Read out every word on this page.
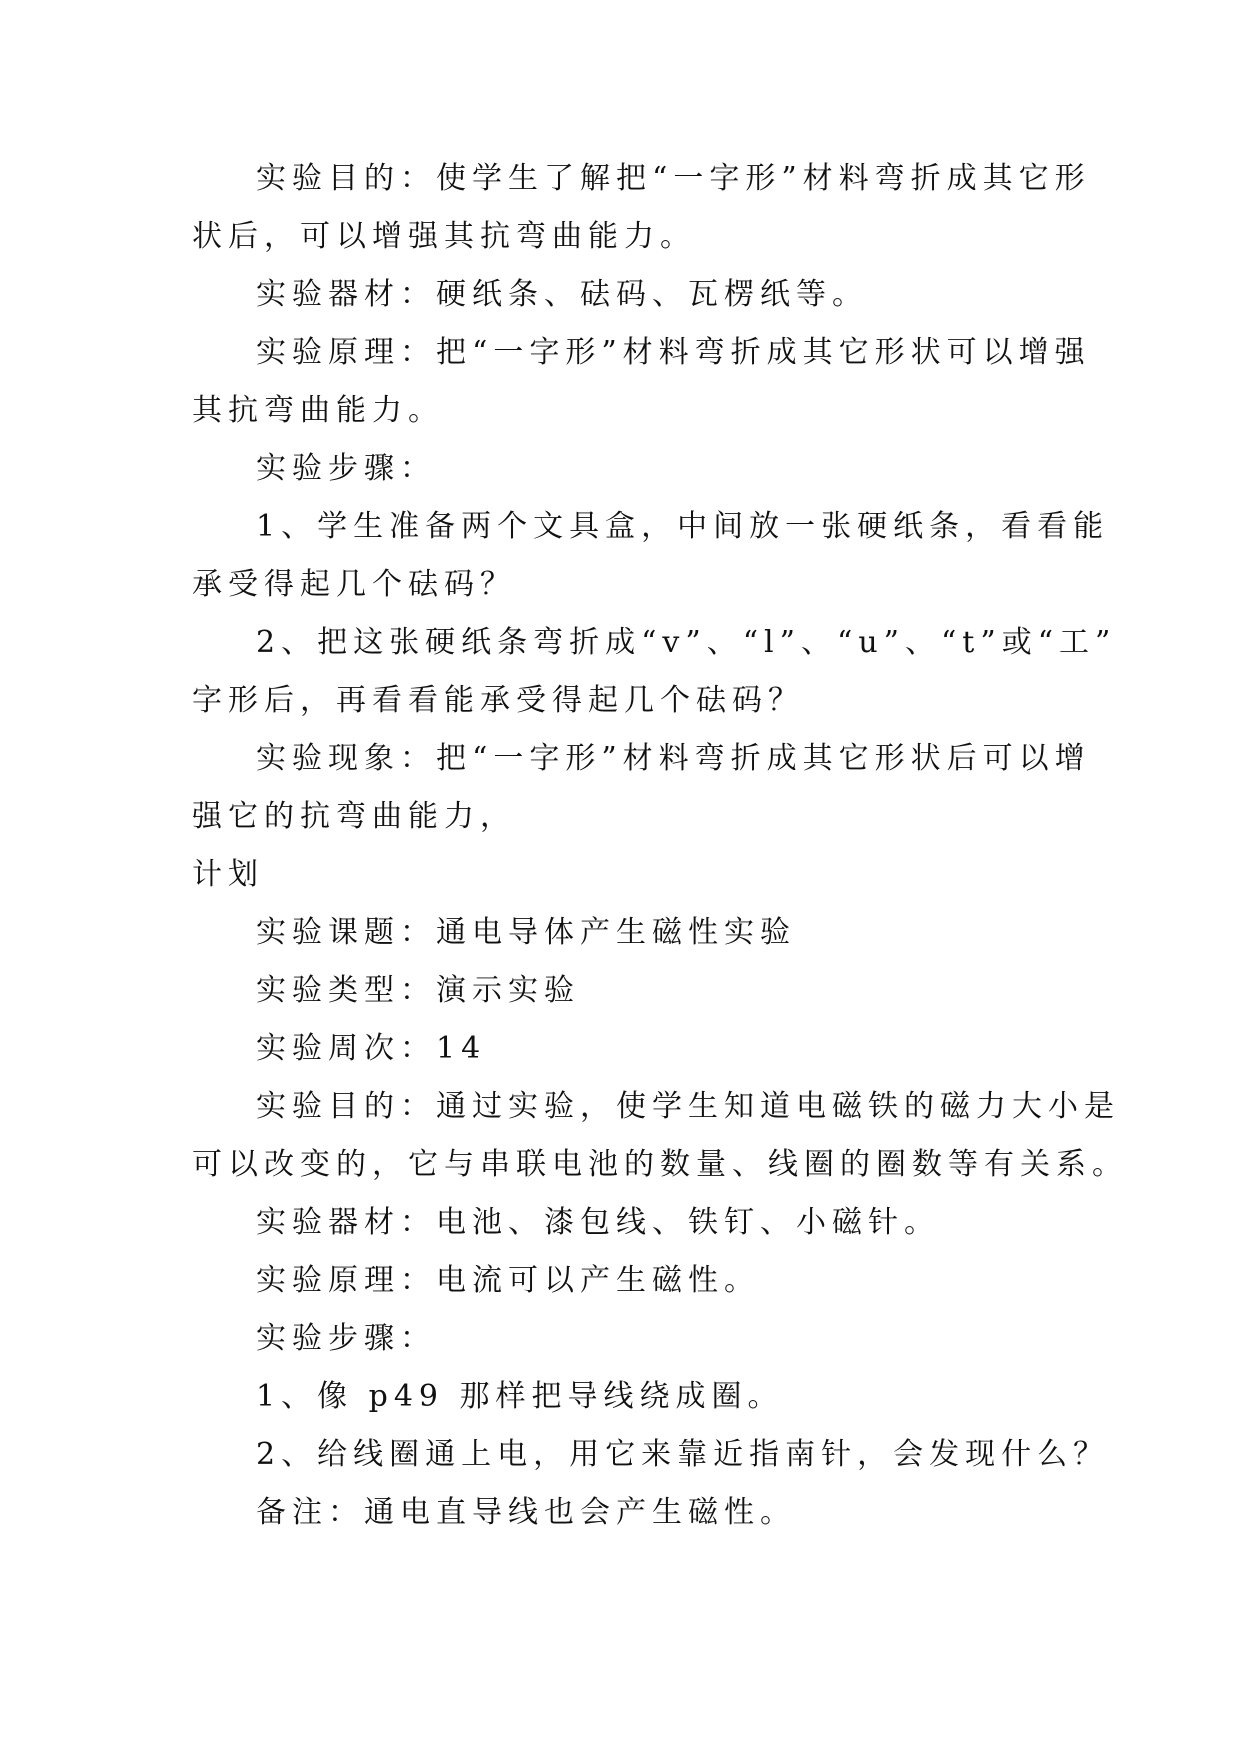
实验目的：使学生了解把“一字形”材料弯折成其它形
状后，可以增强其抗弯曲能力。
实验器材：硬纸条、砝码、瓦楞纸等。
实验原理：把“一字形”材料弯折成其它形状可以增强
其抗弯曲能力。
实验步骤：
1、学生准备两个文具盒，中间放一张硬纸条，看看能
承受得起几个砝码？
2、把这张硬纸条弯折成“v”、“l”、“u”、“t”或“工”
字形后，再看看能承受得起几个砝码？
实验现象：把“一字形”材料弯折成其它形状后可以增
强它的抗弯曲能力，
计划
实验课题：通电导体产生磁性实验
实验类型：演示实验
实验周次：14
实验目的：通过实验，使学生知道电磁铁的磁力大小是
可以改变的，它与串联电池的数量、线圈的圈数等有关系。
实验器材：电池、漆包线、铁钉、小磁针。
实验原理：电流可以产生磁性。
实验步骤：
1、像 p49 那样把导线绕成圈。
2、给线圈通上电，用它来靠近指南针，会发现什么？
备注：通电直导线也会产生磁性。
